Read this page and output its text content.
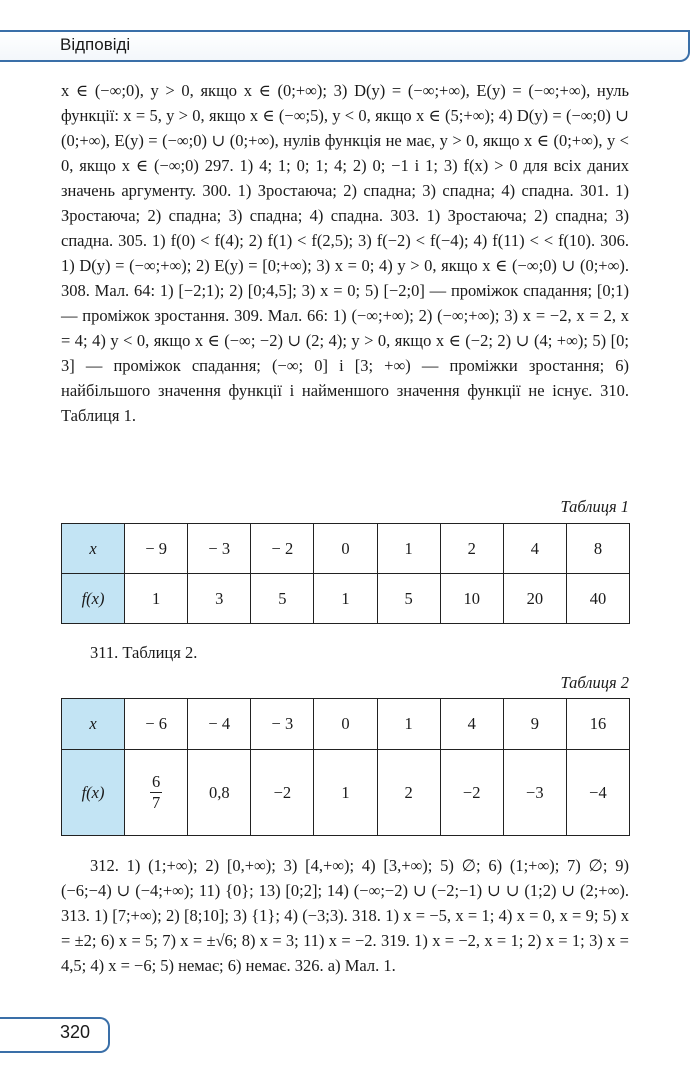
Відповіді

x ∈ (−∞;0), y > 0, якщо x ∈ (0;+∞); 3) D(y) = (−∞;+∞), E(y) = (−∞;+∞), нуль функції: x = 5, y > 0, якщо x ∈ (−∞;5), y < 0, якщо x ∈ (5;+∞); 4) D(y) = (−∞;0) ∪ (0;+∞), E(y) = (−∞;0) ∪ (0;+∞), нулів функція не має, y > 0, якщо x ∈ (0;+∞), y < 0, якщо x ∈ (−∞;0) 297. 1) 4; 1; 0; 1; 4; 2) 0; −1 і 1; 3) f(x) > 0 для всіх даних значень аргументу. 300. 1) Зростаюча; 2) спадна; 3) спадна; 4) спадна. 301. 1) Зростаюча; 2) спадна; 3) спадна; 4) спадна. 303. 1) Зростаюча; 2) спадна; 3) спадна. 305. 1) f(0) < f(4); 2) f(1) < f(2,5); 3) f(−2) < f(−4); 4) f(11) < < f(10). 306. 1) D(y) = (−∞;+∞); 2) E(y) = [0;+∞); 3) x = 0; 4) y > 0, якщо x ∈ (−∞;0) ∪ (0;+∞). 308. Мал. 64: 1) [−2;1); 2) [0;4,5]; 3) x = 0; 5) [−2;0] — проміжок спадання; [0;1) — проміжок зростання. 309. Мал. 66: 1) (−∞;+∞); 2) (−∞;+∞); 3) x = −2, x = 2, x = 4; 4) y < 0, якщо x ∈ (−∞; −2) ∪ (2; 4); y > 0, якщо x ∈ (−2; 2) ∪ (4; +∞); 5) [0; 3] — проміжок спадання; (−∞; 0] і [3; +∞) — проміжки зростання; 6) найбільшого значення функції і найменшого значення функції не існує. 310. Таблиця 1.

Таблиця 1
x	− 9	− 3	− 2	0	1	2	4	8
f(x)	1	3	5	1	5	10	20	40

311. Таблиця 2.

Таблиця 2
x	− 6	− 4	− 3	0	1	4	9	16
f(x)	$\frac{6}{7}$	0,8	−2	1	2	−2	−3	−4

312. 1) (1;+∞); 2) [0,+∞); 3) [4,+∞); 4) [3,+∞); 5) ∅; 6) (1;+∞); 7) ∅; 9) (−6;−4) ∪ (−4;+∞); 11) {0}; 13) [0;2]; 14) (−∞;−2) ∪ (−2;−1) ∪ ∪ (1;2) ∪ (2;+∞). 313. 1) [7;+∞); 2) [8;10]; 3) {1}; 4) (−3;3). 318. 1) x = −5, x = 1; 4) x = 0, x = 9; 5) x = ±2; 6) x = 5; 7) x = ±√6; 8) x = 3; 11) x = −2. 319. 1) x = −2, x = 1; 2) x = 1; 3) x = 4,5; 4) x = −6; 5) немає; 6) немає. 326. а) Мал. 1.

320
